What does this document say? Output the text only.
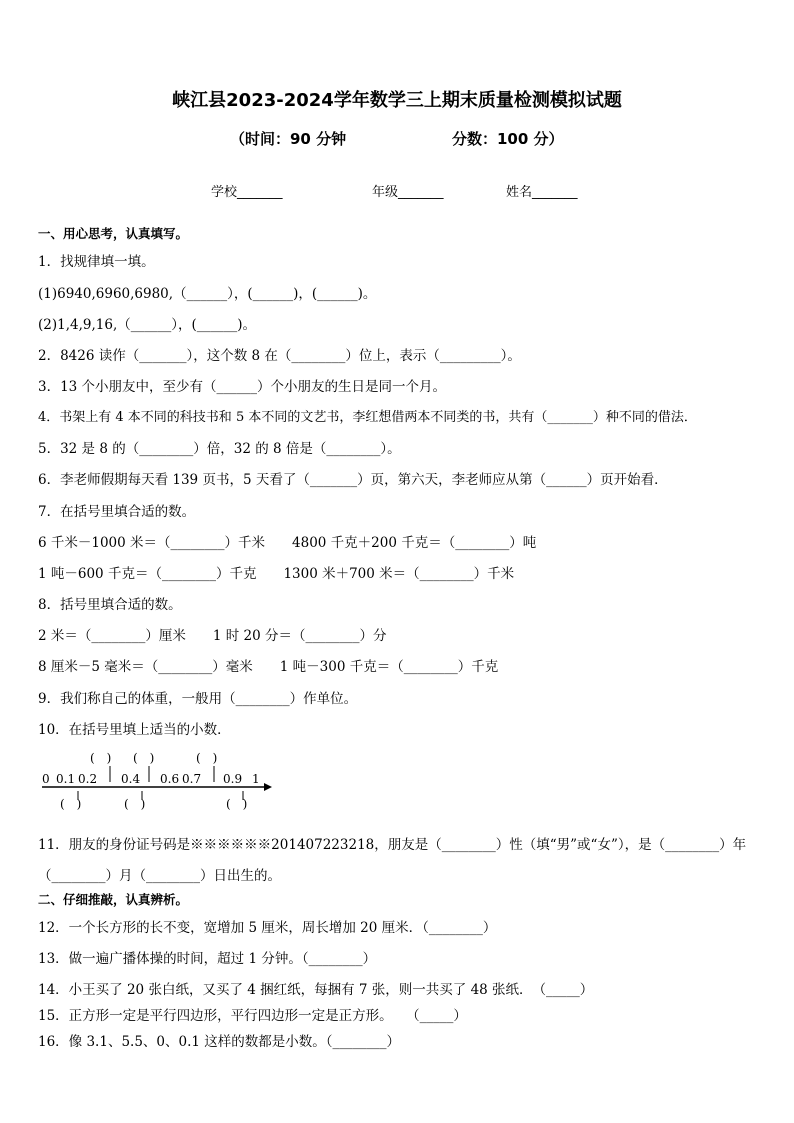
峡江县2023-2024学年数学三上期末质量检测模拟试题
（时间：90 分钟	分数：100 分）
学校_______	年级_______	姓名_______
一、用心思考，认真填写。
1．找规律填一填。
(1)6940,6960,6980,（______），(______)，(______)。
(2)1,4,9,16,（______），(______)。
2．8426 读作（_______），这个数 8 在（________）位上，表示（_________）。
3．13 个小朋友中，至少有（______）个小朋友的生日是同一个月。
4．书架上有 4 本不同的科技书和 5 本不同的文艺书，李红想借两本不同类的书，共有（_______）种不同的借法．
5．32 是 8 的（________）倍，32 的 8 倍是（________）。
6．李老师假期每天看 139 页书，5 天看了（_______）页，第六天，李老师应从第（______）页开始看．
7．在括号里填合适的数。
6 千米－1000 米＝（________）千米　　4800 千克＋200 千克＝（________）吨
1 吨－600 千克＝（________）千克　　1300 米＋700 米＝（________）千米
8．括号里填合适的数。
2 米＝（________）厘米　　1 时 20 分＝（________）分
8 厘米－5 毫米＝（________）毫米　　1 吨－300 千克＝（________）千克
9．我们称自己的体重，一般用（________）作单位。
10．在括号里填上适当的小数．
0 0.1 0.2 0.4 0.6 0.7 0.9 1
(　) (　)	(　)
(　)	(　)	(　)
11．朋友的身份证号码是※※※※※※201407223218，朋友是（________）性（填“男”或“女”），是（________）年
（________）月（________）日出生的。
二、仔细推敲，认真辨析。
12．一个长方形的长不变，宽增加 5 厘米，周长增加 20 厘米．（________）
13．做一遍广播体操的时间，超过 1 分钟。（________）
14．小王买了 20 张白纸，又买了 4 捆红纸，每捆有 7 张，则一共买了 48 张纸．　（_____）
15．正方形一定是平行四边形，平行四边形一定是正方形。　　（_____）
16．像 3.1、5.5、0、0.1 这样的数都是小数。（________）
